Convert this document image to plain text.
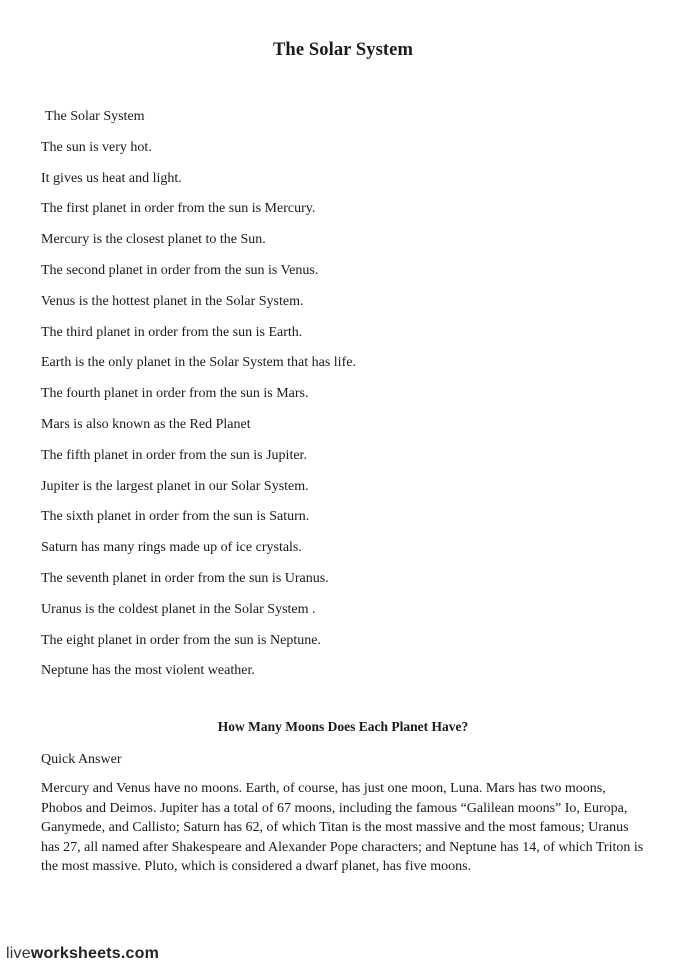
The Solar System
The Solar System
The sun is very hot.
It gives us heat and light.
The first planet in order from the sun is Mercury.
Mercury is the closest planet to the Sun.
The second planet in order from the sun is Venus.
Venus is the hottest planet in the Solar System.
The third planet in order from the sun is Earth.
Earth is the only planet in the Solar System that has life.
The fourth planet in order from the sun is Mars.
Mars is also known as the Red Planet
The fifth planet in order from the sun is Jupiter.
Jupiter is the largest planet in our Solar System.
The sixth planet in order from the sun is Saturn.
Saturn has many rings made up of ice crystals.
The seventh planet in order from the sun is Uranus.
Uranus is the coldest planet in the Solar System .
The eight planet in order from the sun is Neptune.
Neptune has the most violent weather.
How Many Moons Does Each Planet Have?
Quick Answer
Mercury and Venus have no moons. Earth, of course, has just one moon, Luna. Mars has two moons, Phobos and Deimos. Jupiter has a total of 67 moons, including the famous “Galilean moons” Io, Europa, Ganymede, and Callisto; Saturn has 62, of which Titan is the most massive and the most famous; Uranus has 27, all named after Shakespeare and Alexander Pope characters; and Neptune has 14, of which Triton is the most massive. Pluto, which is considered a dwarf planet, has five moons.
liveworksheets.com
